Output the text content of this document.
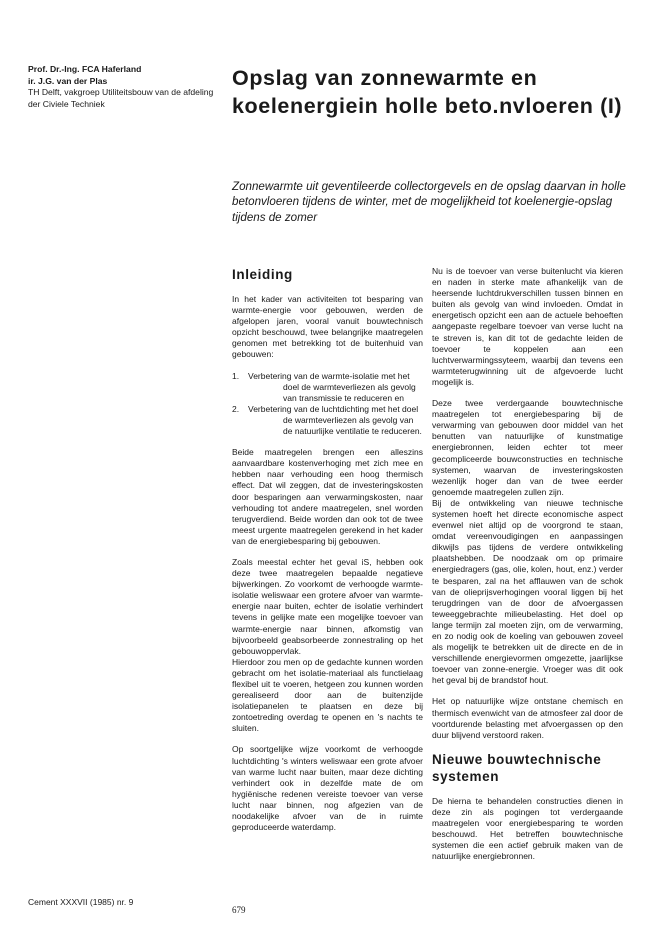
Prof. Dr.-Ing. FCA Haferland
ir. J.G. van der Plas
TH Delft, vakgroep Utiliteitsbouw van de afdeling der Civiele Techniek
Opslag van zonnewarmte en koelenergiein holle beto.nvloeren (I)

Zonnewarmte uit geventileerde collectorgevels en de opslag daarvan in holle betonvloeren tijdens de winter, met de mogelijkheid tot koelenergie-opslag tijdens de zomer

Inleiding

In het kader van activiteiten tot besparing van warmte-energie voor gebouwen, werden de afgelopen jaren, vooral vanuit bouwtechnisch opzicht beschouwd, twee belangrijke maatregelen genomen met betrekking tot de buitenhuid van gebouwen:

1.	Verbetering van de warmte-isolatie met het doel de warmteverliezen als gevolg van transmissie te reduceren en
2.	Verbetering van de luchtdichting met het doel de warmteverliezen als gevolg van de natuurlijke ventilatie te reduceren.

Beide maatregelen brengen een alleszins aanvaardbare kostenverhoging met zich mee en hebben naar verhouding een hoog thermisch effect. Dat wil zeggen, dat de investeringskosten door besparingen aan verwarmingskosten, naar verhouding tot andere maatregelen, snel worden terugverdiend. Beide worden dan ook tot de twee meest urgente maatregelen gerekend in het kader van de energiebesparing bij gebouwen.

Zoals meestal echter het geval iS, hebben ook deze twee maatregelen bepaalde negatieve bijwerkingen. Zo voorkomt de verhoogde warmte-isolatie weliswaar een grotere afvoer van warmte-energie naar buiten, echter de isolatie verhindert tevens in gelijke mate een mogelijke toevoer van warmte-energie naar binnen, afkomstig van bijvoorbeeld geabsorbeerde zonnestraling op het gebouwoppervlak.

Hierdoor zou men op de gedachte kunnen worden gebracht om het isolatie-materiaal als functielaag flexibel uit te voeren, hetgeen zou kunnen worden gerealiseerd door aan de buitenzijde isolatiepanelen te plaatsen en deze bij zontoetreding overdag te openen en 's nachts te sluiten.

Op soortgelijke wijze voorkomt de verhoogde luchtdichting 's winters weliswaar een grote afvoer van warme lucht naar buiten, maar deze dichting verhindert ook in dezelfde mate de om hygiënische redenen vereiste toevoer van verse lucht naar binnen, nog afgezien van de noodakelijke afvoer van de in ruimte geproduceerde waterdamp.

Nu is de toevoer van verse buitenlucht via kieren en naden in sterke mate afhankelijk van de heersende luchtdrukverschillen tussen binnen en buiten als gevolg van wind invloeden. Omdat in energetisch opzicht een aan de actuele behoeften aangepaste regelbare toevoer van verse lucht na te streven is, kan dit tot de gedachte leiden de toevoer te koppelen aan een luchtverwarmingssyteem, waarbij dan tevens een warmteterugwinning uit de afgevoerde lucht mogelijk is.

Deze twee verdergaande bouwtechnische maatregelen tot energiebesparing bij de verwarming van gebouwen door middel van het benutten van natuurlijke of kunstmatige energiebronnen, leiden echter tot meer gecompliceerde bouwconstructies en technische systemen, waarvan de investeringskosten wezenlijk hoger dan van de twee eerder genoemde maatregelen zullen zijn.

Bij de ontwikkeling van nieuwe technische systemen hoeft het directe economische aspect evenwel niet altijd op de voorgrond te staan, omdat vereenvoudigingen en aanpassingen dikwijls pas tijdens de verdere ontwikkeling plaatshebben. De noodzaak om op primaire energiedragers (gas, olie, kolen, hout, enz.) verder te besparen, zal na het afflauwen van de schok van de olieprijsverhogingen vooral liggen bij het terugdringen van de door de afvoergassen teweeggebrachte milieubelasting. Het doel op lange termijn zal moeten zijn, om de verwarming, en zo nodig ook de koeling van gebouwen zoveel als mogelijk te betrekken uit de directe en de in verschillende energievormen omgezette, jaarlijkse toevoer van zonne-energie. Vroeger was dit ook het geval bij de brandstof hout.

Het op natuurlijke wijze ontstane chemisch en thermisch evenwicht van de atmosfeer zal door de voortdurende belasting met afvoergassen op den duur blijvend verstoord raken.

Nieuwe bouwtechnische systemen

De hierna te behandelen constructies dienen in deze zin als pogingen tot verdergaande maatregelen voor energiebesparing te worden beschouwd. Het betreffen bouwtechnische systemen die een actief gebruik maken van de natuurlijke energiebronnen.

Cement XXXVII (1985) nr. 9
679
